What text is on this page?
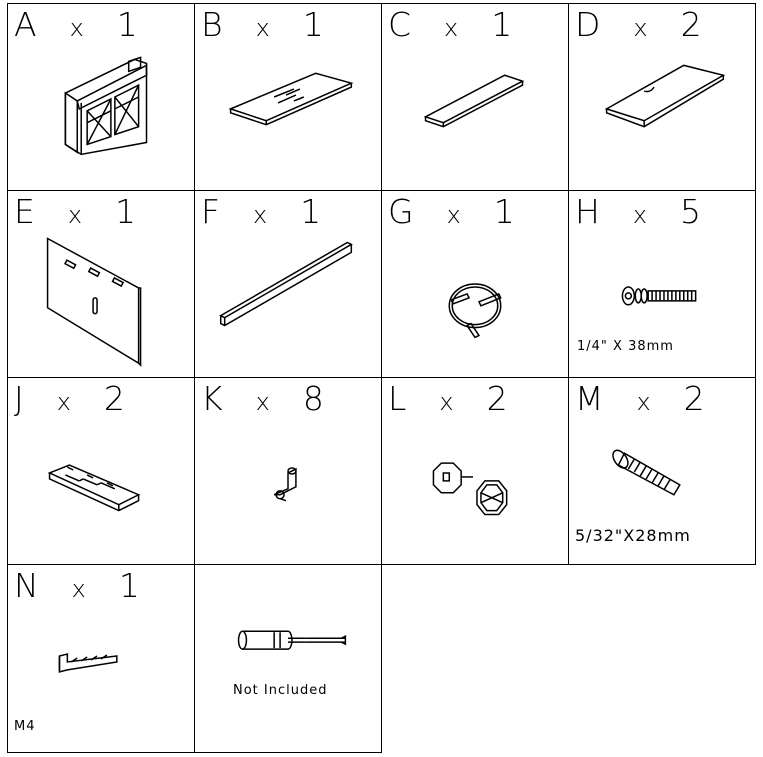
A x 1 B x 1 C x 1 D x 2
E x 1 F x 1 G x 1 H x 5
1/4" X 38mm
J x 2 K x 8 L x 2 M x 2
5/32"X28mm
N x 1
M4
Not Included
